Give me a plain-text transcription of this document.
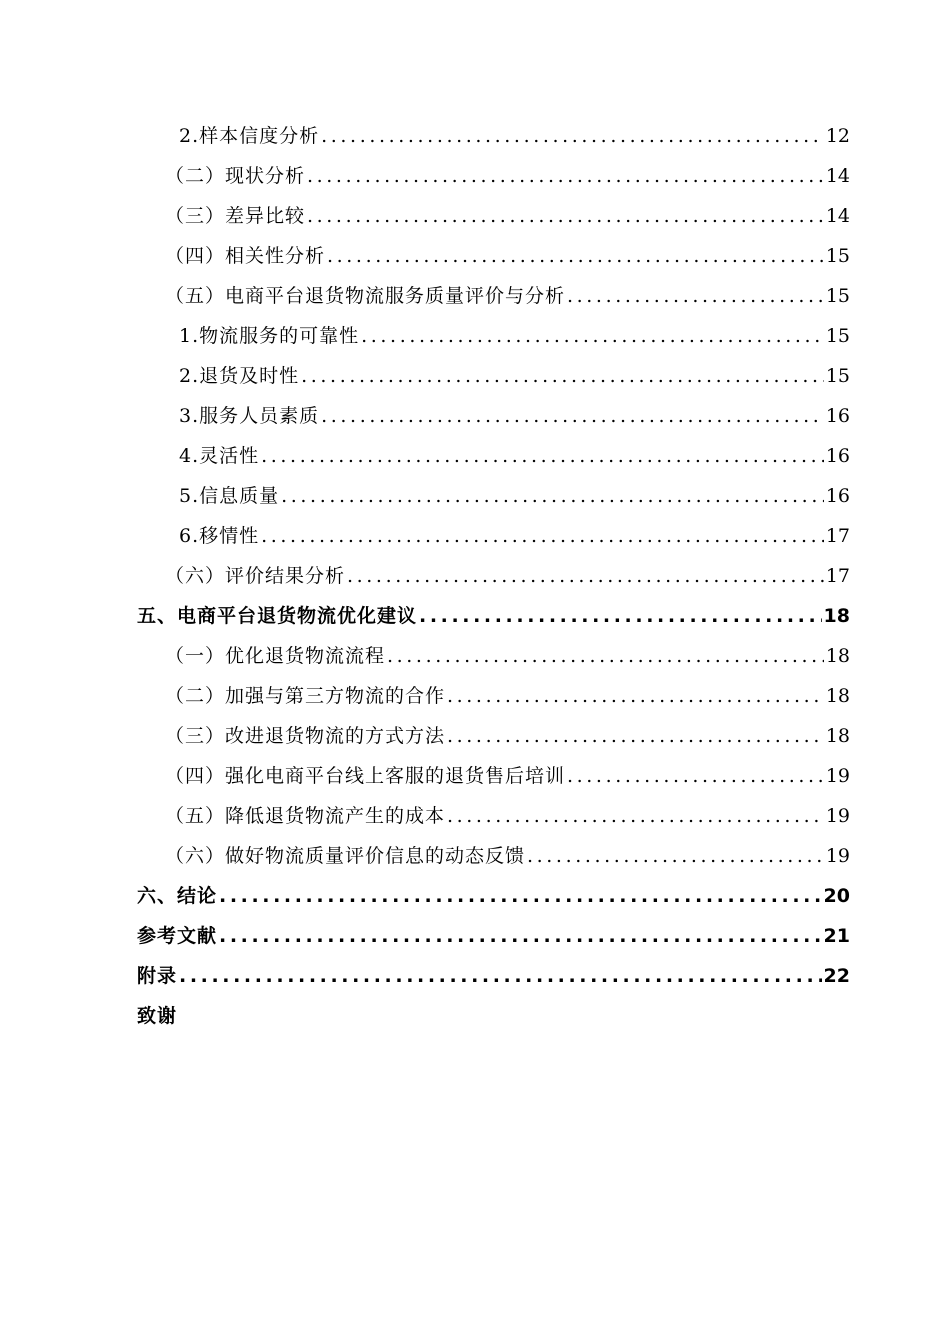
2.样本信度分析 .....	12
（二）现状分析 .....	14
（三）差异比较 .....	14
（四）相关性分析 .....	15
（五）电商平台退货物流服务质量评价与分析 .....	15
1.物流服务的可靠性 .....	15
2.退货及时性 .....	15
3.服务人员素质 .....	16
4.灵活性 .....	16
5.信息质量 .....	16
6.移情性 .....	17
（六）评价结果分析 .....	17
五、电商平台退货物流优化建议 .....	18
（一）优化退货物流流程 .....	18
（二）加强与第三方物流的合作 .....	18
（三）改进退货物流的方式方法 .....	18
（四）强化电商平台线上客服的退货售后培训 .....	19
（五）降低退货物流产生的成本 .....	19
（六）做好物流质量评价信息的动态反馈 .....	19
六、结论 .....	20
参考文献 .....	21
附录 .....	22
致谢
